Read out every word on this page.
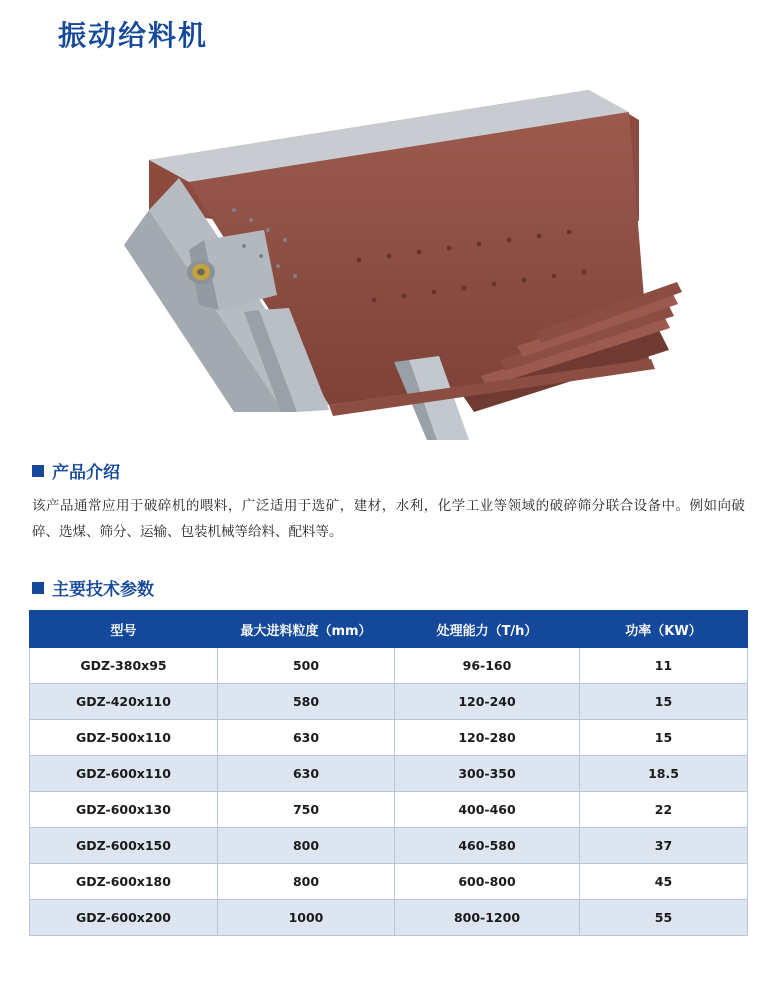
振动给料机
产品介绍

该产品通常应用于破碎机的喂料，广泛适用于选矿，建材，水利，化学工业等领域的破碎筛分联合设备中。例如向破碎、选煤、筛分、运输、包装机械等给料、配料等。

主要技术参数
型号	最大进料粒度（mm）	处理能力（T/h）	功率（KW）
GDZ-380x95	500	96-160	11
GDZ-420x110	580	120-240	15
GDZ-500x110	630	120-280	15
GDZ-600x110	630	300-350	18.5
GDZ-600x130	750	400-460	22
GDZ-600x150	800	460-580	37
GDZ-600x180	800	600-800	45
GDZ-600x200	1000	800-1200	55
